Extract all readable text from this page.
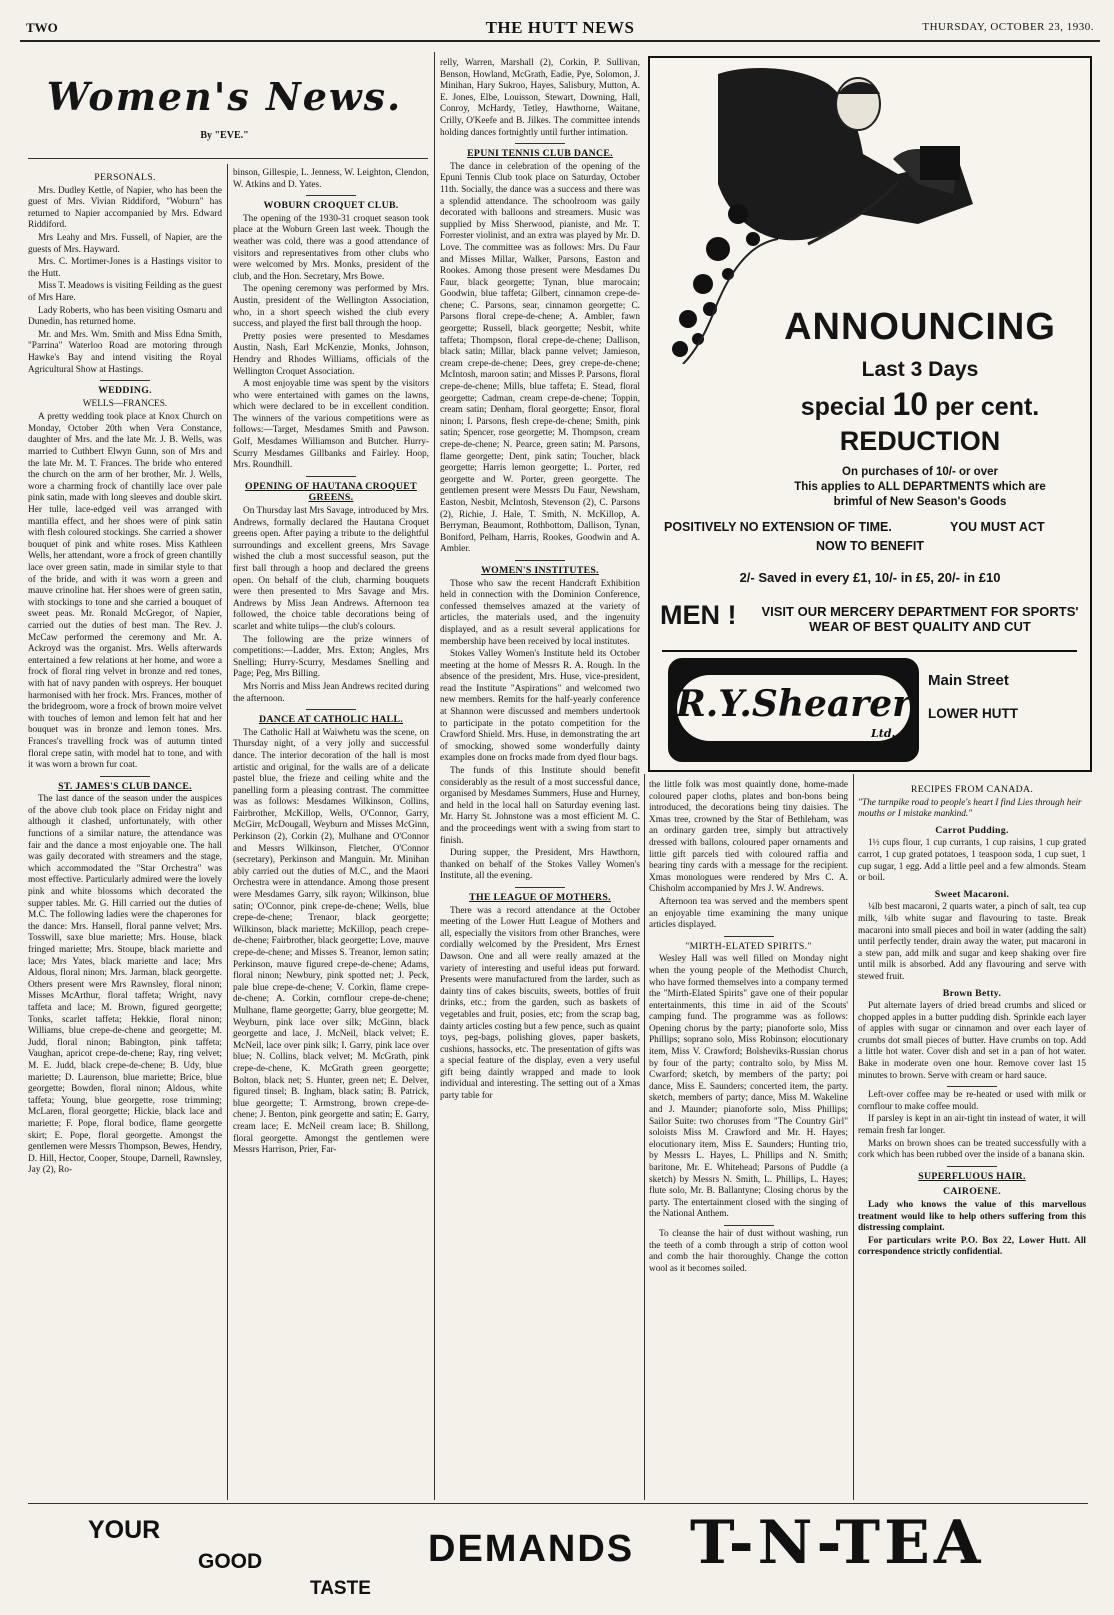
TWO	THE HUTT NEWS	THURSDAY, OCTOBER 23, 1930.
Women's News.
By "EVE."
PERSONALS.

Mrs. Dudley Kettle, of Napier, who has been the guest of Mrs. Vivian Riddiford, "Woburn" has returned to Napier accompanied by Mrs. Edward Riddiford.

Mrs Leahy and Mrs. Fussell, of Napier, are the guests of Mrs. Hayward.

Mrs. C. Mortimer-Jones is a Hastings visitor to the Hutt.

Miss T. Meadows is visiting Feilding as the guest of Mrs Hare.

Lady Roberts, who has been visiting Osmaru and Dunedin, has returned home.

Mr. and Mrs. Wm. Smith and Miss Edna Smith, "Parrina" Waterloo Road are motoring through Hawke's Bay and intend visiting the Royal Agricultural Show at Hastings.

WEDDING.
WELLS—FRANCES.

A pretty wedding took place at Knox Church on Monday, October 20th when Vera Constance, daughter of Mrs. and the late Mr. J. B. Wells, was married to Cuthbert Elwyn Gunn, son of Mrs and the late Mr. M. T. Frances. The bride who entered the church on the arm of her brother, Mr. J. Wells, wore a charming frock of chantilly lace over pale pink satin, made with long sleeves and double skirt. Her tulle, lace-edged veil was arranged with mantilla effect, and her shoes were of pink satin with flesh coloured stockings. She carried a shower bouquet of pink and white roses. Miss Kathleen Wells, her attendant, wore a frock of green chantilly lace over green satin, made in similar style to that of the bride, and with it was worn a green and mauve crinoline hat. Her shoes were of green satin, with stockings to tone and she carried a bouquet of sweet peas. Mr. Ronald McGregor, of Napier, carried out the duties of best man. The Rev. J. McCaw performed the ceremony and Mr. A. Ackroyd was the organist. Mrs. Wells afterwards entertained a few relations at her home, and wore a frock of floral ring velvet in bronze and red tones, with hat of navy panden with ospreys. Her bouquet harmonised with her frock. Mrs. Frances, mother of the bridegroom, wore a frock of brown moire velvet with touches of lemon and lemon felt hat and her bouquet was in bronze and lemon tones. Mrs. Frances's travelling frock was of autumn tinted floral crepe satin, with model hat to tone, and with it was worn a brown fur coat.

ST. JAMES'S CLUB DANCE.

The last dance of the season under the auspices of the above club took place on Friday night and although it clashed, unfortunately, with other functions of a similar nature, the attendance was fair and the dance a most enjoyable one. The hall was gaily decorated with streamers and the stage, which accommodated the "Star Orchestra" was most effective. Particularly admired were the lovely pink and white blossoms which decorated the supper tables. Mr. G. Hill carried out the duties of M.C. The following ladies were the chaperones for the dance: Mrs. Hansell, floral panne velvet; Mrs. Tosswill, saxe blue mariette; Mrs. House, black fringed mariette; Mrs. Stoupe, black mariette and lace; Mrs Yates, black mariette and lace; Mrs Aldous, floral ninon; Mrs. Jarman, black georgette. Others present were Mrs Rawnsley, floral ninon; Misses McArthur, floral taffeta; Wright, navy taffeta and lace; M. Brown, figured georgette; Tonks, scarlet taffeta; Hekkie, floral ninon; Williams, blue crepe-de-chene and georgette; M. Judd, floral ninon; Babington, pink taffeta; Vaughan, apricot crepe-de-chene; Ray, ring velvet; M. E. Judd, black crepe-de-chene; B. Udy, blue mariette; D. Laurenson, blue mariette; Brice, blue georgette; Bowden, floral ninon; Aldous, white taffeta; Young, blue georgette, rose trimming; McLaren, floral georgette; Hickie, black lace and mariette; F. Pope, floral bodice, flame georgette skirt; E. Pope, floral georgette. Amongst the gentlemen were Messrs Thompson, Bewes, Hendry, D. Hill, Hector, Cooper, Stoupe, Darnell, Rawnsley, Jay (2), Ro-

binson, Gillespie, L. Jenness, W. Leighton, Clendon, W. Atkins and D. Yates.

WOBURN CROQUET CLUB.

The opening of the 1930-31 croquet season took place at the Woburn Green last week. Though the weather was cold, there was a good attendance of visitors and representatives from other clubs who were welcomed by Mrs. Monks, president of the club, and the Hon. Secretary, Mrs Bowe.

The opening ceremony was performed by Mrs. Austin, president of the Wellington Association, who, in a short speech wished the club every success, and played the first ball through the hoop.

Pretty posies were presented to Mesdames Austin, Nash, Earl McKenzie, Monks, Johnson, Hendry and Rhodes Williams, officials of the Wellington Croquet Association.

A most enjoyable time was spent by the visitors who were entertained with games on the lawns, which were declared to be in excellent condition. The winners of the various competitions were as follows:—Target, Mesdames Smith and Pawson. Golf, Mesdames Williamson and Butcher. Hurry-Scurry Mesdames Gillbanks and Fairley. Hoop, Mrs. Roundhill.

OPENING OF HAUTANA CROQUET GREENS.

On Thursday last Mrs Savage, introduced by Mrs. Andrews, formally declared the Hautana Croquet greens open. After paying a tribute to the delightful surroundings and excellent greens, Mrs Savage wished the club a most successful season, put the first ball through a hoop and declared the greens open. On behalf of the club, charming bouquets were then presented to Mrs Savage and Mrs. Andrews by Miss Jean Andrews. Afternoon tea followed, the choice table decorations being of scarlet and white tulips—the club's colours.

The following are the prize winners of competitions:—Ladder, Mrs. Exton; Angles, Mrs Snelling; Hurry-Scurry, Mesdames Snelling and Page; Peg, Mrs Billing.

Mrs Norris and Miss Jean Andrews recited during the afternoon.

DANCE AT CATHOLIC HALL.

The Catholic Hall at Waiwhetu was the scene, on Thursday night, of a very jolly and successful dance. The interior decoration of the hall is most artistic and original, for the walls are of a delicate pastel blue, the frieze and ceiling white and the panelling form a pleasing contrast. The committee was as follows: Mesdames Wilkinson, Collins, Fairbrother, McKillop, Wells, O'Connor, Garry, McGirr, McDougall, Weyburn and Misses McGinn, Perkinson (2), Corkin (2), Mulhane and O'Connor and Messrs Wilkinson, Fletcher, O'Connor (secretary), Perkinson and Manguin. Mr. Minihan ably carried out the duties of M.C., and the Maori Orchestra were in attendance. Among those present were Mesdames Garry, silk rayon; Wilkinson, blue satin; O'Connor, pink crepe-de-chene; Wells, blue crepe-de-chene; Trenaor, black georgette; Wilkinson, black mariette; McKillop, peach crepe-de-chene; Fairbrother, black georgette; Love, mauve crepe-de-chene; and Misses S. Treanor, lemon satin; Perkinson, mauve figured crepe-de-chene; Adams, floral ninon; Newbury, pink spotted net; J. Peck, pale blue crepe-de-chene; V. Corkin, flame crepe-de-chene; A. Corkin, cornflour crepe-de-chene; Mulhane, flame georgette; Garry, blue georgette; M. Weyburn, pink lace over silk; McGinn, black georgette and lace, J. McNeil, black velvet; E. McNeil, lace over pink silk; I. Garry, pink lace over blue; N. Collins, black velvet; M. McGrath, pink crepe-de-chene, K. McGrath green georgette; Bolton, black net; S. Hunter, green net; E. Delver, figured tinsel; B. Ingham, black satin; B. Patrick, blue georgette; T. Armstrong, brown crepe-de-chene; J. Benton, pink georgette and satin; E. Garry, cream lace; E. McNeil cream lace; B. Shillong, floral georgette. Amongst the gentlemen were Messrs Harrison, Prier, Far-

relly, Warren, Marshall (2), Corkin, P. Sullivan, Benson, Howland, McGrath, Eadie, Pye, Solomon, J. Minihan, Hary Sukroo, Hayes, Salisbury, Mutton, A. E. Jones, Elbe, Louisson, Stewart, Downing, Hall, Conroy, McHardy, Tetley, Hawthorne, Waitane, Crilly, O'Keefe and B. Jilkes. The committee intends holding dances fortnightly until further intimation.

EPUNI TENNIS CLUB DANCE.

The dance in celebration of the opening of the Epuni Tennis Club took place on Saturday, October 11th. Socially, the dance was a success and there was a splendid attendance. The schoolroom was gaily decorated with balloons and streamers. Music was supplied by Miss Sherwood, pianiste, and Mr. T. Forrester violinist, and an extra was played by Mr. D. Love. The committee was as follows: Mrs. Du Faur and Misses Millar, Walker, Parsons, Easton and Rookes. Among those present were Mesdames Du Faur, black georgette; Tynan, blue marocain; Goodwin, blue taffeta; Gilbert, cinnamon crepe-de-chene; C. Parsons, sear, cinnamon georgette; C. Parsons floral crepe-de-chene; A. Ambler, fawn georgette; Russell, black georgette; Nesbit, white taffeta; Thompson, floral crepe-de-chene; Dallison, black satin; Millar, black panne velvet; Jamieson, cream crepe-de-chene; Dees, grey crepe-de-chene; McIntosh, maroon satin; and Misses P. Parsons, floral crepe-de-chene; Mills, blue taffeta; E. Stead, floral georgette; Cadman, cream crepe-de-chene; Toppin, cream satin; Denham, floral georgette; Ensor, floral ninon; I. Parsons, flesh crepe-de-chene; Smith, pink satin; Spencer, rose georgette; M. Thompson, cream crepe-de-chene; N. Pearce, green satin; M. Parsons, flame georgette; Dent, pink satin; Toucher, black georgette; Harris lemon georgette; L. Porter, red georgette and W. Porter, green georgette. The gentlemen present were Messrs Du Faur, Newsham, Easton, Nesbit, McIntosh, Stevenson (2), C. Parsons (2), Richie, J. Hale, T. Smith, N. McKillop, A. Berryman, Beaumont, Rothbottom, Dallison, Tynan, Boniford, Pelham, Harris, Rookes, Goodwin and A. Ambler.

WOMEN'S INSTITUTES.

Those who saw the recent Handcraft Exhibition held in connection with the Dominion Conference, confessed themselves amazed at the variety of articles, the materials used, and the ingenuity displayed, and as a result several applications for membership have been received by local institutes.

Stokes Valley Women's Institute held its October meeting at the home of Messrs R. A. Rough. In the absence of the president, Mrs. Huse, vice-president, read the Institute "Aspirations" and welcomed two new members. Remits for the half-yearly conference at Shannon were discussed and members undertook to participate in the potato competition for the Crawford Shield. Mrs. Huse, in demonstrating the art of smocking, showed some wonderfully dainty examples done on frocks made from dyed flour bags.

The funds of this Institute should benefit considerably as the result of a most successful dance, organised by Mesdames Summers, Huse and Hurney, and held in the local hall on Saturday evening last. Mr. Harry St. Johnstone was a most efficient M. C. and the proceedings went with a swing from start to finish.

During supper, the President, Mrs Hawthorn, thanked on behalf of the Stokes Valley Women's Institute, all the evening.

THE LEAGUE OF MOTHERS.

There was a record attendance at the October meeting of the Lower Hutt League of Mothers and all, especially the visitors from other Branches, were cordially welcomed by the President, Mrs Ernest Dawson. One and all were really amazed at the variety of interesting and useful ideas put forward. Presents were manufactured from the larder, such as dainty tins of cakes biscuits, sweets, bottles of fruit drinks, etc.; from the garden, such as baskets of vegetables and fruit, posies, etc; from the scrap bag, dainty articles costing but a few pence, such as quaint toys, peg-bags, polishing gloves, paper baskets, cushions, hassocks, etc. The presentation of gifts was a special feature of the display, even a very useful gift being daintly wrapped and made to look individual and interesting. The setting out of a Xmas party table for

ANNOUNCING
Last 3 Days
special 10 per cent.
REDUCTION
On purchases of 10/- or over
This applies to ALL DEPARTMENTS which are
brimful of New Season's Goods
POSITIVELY NO EXTENSION OF TIME.	YOU MUST ACT
NOW TO BENEFIT
2/- Saved in every £1, 10/- in £5, 20/- in £10
MEN !	VISIT OUR MERCERY DEPARTMENT FOR SPORTS' WEAR OF BEST QUALITY AND CUT
R.Y.Shearer
Ltd.
Main Street
LOWER HUTT

the little folk was most quaintly done, home-made coloured paper cloths, plates and bon-bons being introduced, the decorations being tiny daisies. The Xmas tree, crowned by the Star of Bethleham, was an ordinary garden tree, simply but attractively dressed with ballons, coloured paper ornaments and little gift parcels tied with coloured raffia and bearing tiny cards with a message for the recipient. Xmas monologues were rendered by Mrs C. A. Chisholm accompanied by Mrs J. W. Andrews.

Afternoon tea was served and the members spent an enjoyable time examining the many unique articles displayed.

"MIRTH-ELATED SPIRITS."

Wesley Hall was well filled on Monday night when the young people of the Methodist Church, who have formed themselves into a company termed the "Mirth-Elated Spirits" gave one of their popular entertainments, this time in aid of the Scouts' camping fund. The programme was as follows: Opening chorus by the party; pianoforte solo, Miss Phillips; soprano solo, Miss Robinson; elocutionary item, Miss V. Crawford; Bolsheviks-Russian chorus by four of the party; contralto solo, by Miss M. Cwarford; sketch, by members of the party; poi dance, Miss E. Saunders; concerted item, the party. sketch, members of party; dance, Miss M. Wakeline and J. Maunder; pianoforte solo, Miss Phillips; Sailor Suite: two choruses from "The Country Girl" soloists Miss M. Crawford and Mr. H. Hayes; elocutionary item, Miss E. Saunders; Hunting trio, by Messrs L. Hayes, L. Phillips and N. Smith; baritone, Mr. E. Whitehead; Parsons of Puddle (a sketch) by Messrs N. Smith, L. Phillips, L. Hayes; flute solo, Mr. B. Ballantyne; Closing chorus by the party. The entertainment closed with the singing of the National Anthem.

To cleanse the hair of dust without washing, run the teeth of a comb through a strip of cotton wool and comb the hair thoroughly. Change the cotton wool as it becomes soiled.

RECIPES FROM CANADA.

"The turnpike road to people's heart I find Lies through heir mouths or I mistake mankind."

Carrot Pudding.

1½ cups flour, 1 cup currants, 1 cup raisins, 1 cup grated carrot, 1 cup grated potatoes, 1 teaspoon soda, 1 cup suet, 1 cup sugar, 1 egg. Add a little peel and a few almonds. Steam or boil.

Sweet Macaroni.

¼lb best macaroni, 2 quarts water, a pinch of salt, tea cup milk, ¼lb white sugar and flavouring to taste. Break macaroni into small pieces and boil in water (adding the salt) until perfectly tender, drain away the water, put macaroni in a stew pan, add milk and sugar and keep shaking over fire until milk is absorbed. Add any flavouring and serve with stewed fruit.

Brown Betty.

Put alternate layers of dried bread crumbs and sliced or chopped apples in a butter pudding dish. Sprinkle each layer of apples with sugar or cinnamon and over each layer of crumbs dot small pieces of butter. Have crumbs on top. Add a little hot water. Cover dish and set in a pan of hot water. Bake in moderate oven one hour. Remove cover last 15 minutes to brown. Serve with cream or hard sauce.

Left-over coffee may be re-heated or used with milk or cornflour to make coffee mould.

If parsley is kept in an air-tight tin instead of water, it will remain fresh far longer.

Marks on brown shoes can be treated successfully with a cork which has been rubbed over the inside of a banana skin.

SUPERFLUOUS HAIR.
CAIROENE.

Lady who knows the value of this marvellous treatment would like to help others suffering from this distressing complaint.

For particulars write P.O. Box 22, Lower Hutt. All correspondence strictly confidential.

YOUR
GOOD
TASTE
DEMANDS T-N-TEA
